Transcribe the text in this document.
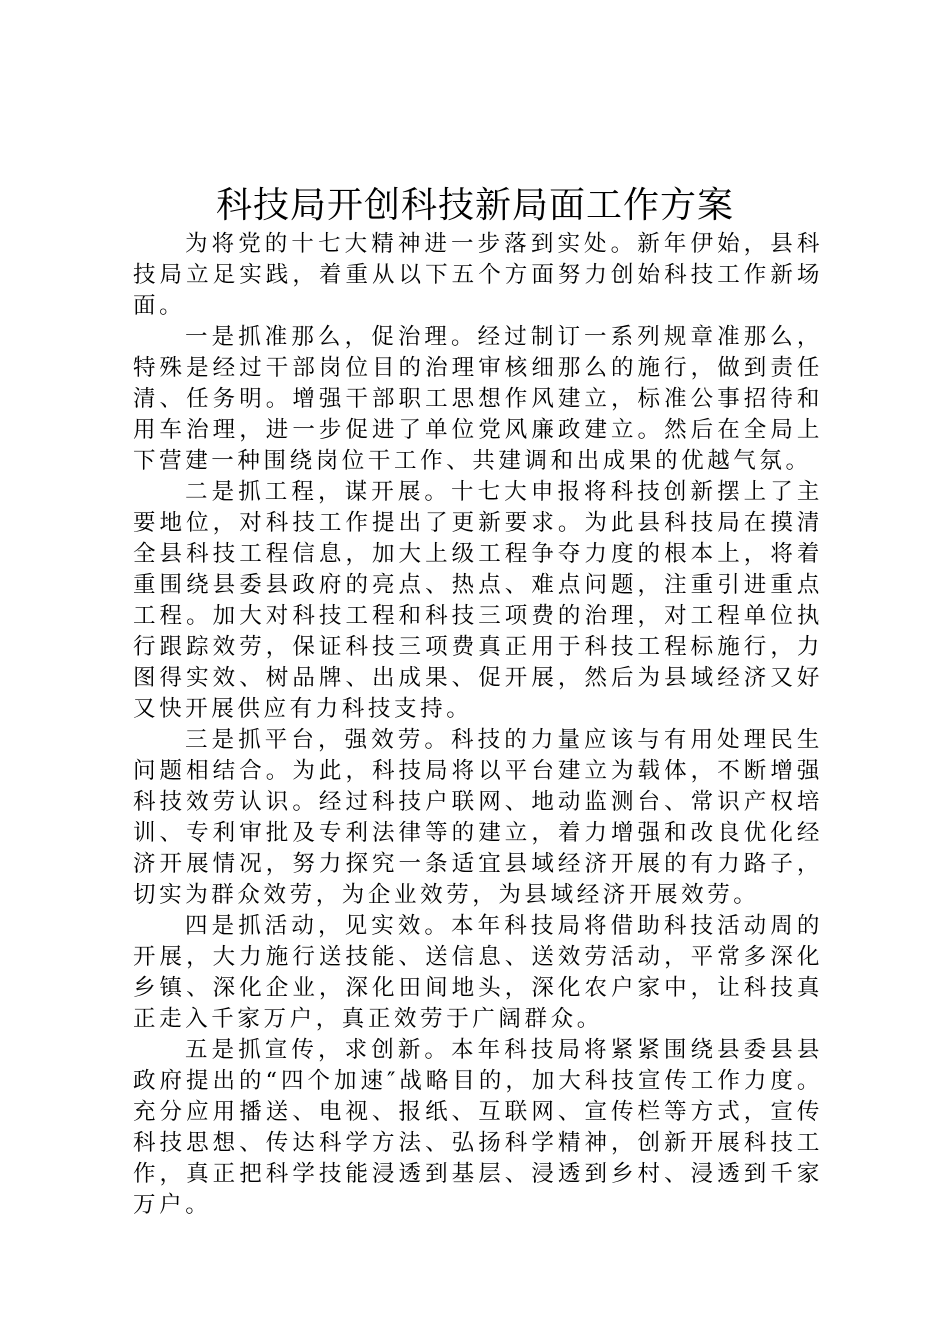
科技局开创科技新局面工作方案

为将党的十七大精神进一步落到实处。新年伊始，县科技局立足实践，着重从以下五个方面努力创始科技工作新场面。

一是抓准那么，促治理。经过制订一系列规章准那么，特殊是经过干部岗位目的治理审核细那么的施行，做到责任清、任务明。增强干部职工思想作风建立，标准公事招待和用车治理，进一步促进了单位党风廉政建立。然后在全局上下营建一种围绕岗位干工作、共建调和出成果的优越气氛。

二是抓工程，谋开展。十七大申报将科技创新摆上了主要地位，对科技工作提出了更新要求。为此县科技局在摸清全县科技工程信息，加大上级工程争夺力度的根本上，将着重围绕县委县政府的亮点、热点、难点问题，注重引进重点工程。加大对科技工程和科技三项费的治理，对工程单位执行跟踪效劳，保证科技三项费真正用于科技工程标施行，力图得实效、树品牌、出成果、促开展，然后为县域经济又好又快开展供应有力科技支持。

三是抓平台，强效劳。科技的力量应该与有用处理民生问题相结合。为此，科技局将以平台建立为载体，不断增强科技效劳认识。经过科技户联网、地动监测台、常识产权培训、专利审批及专利法律等的建立，着力增强和改良优化经济开展情况，努力探究一条适宜县域经济开展的有力路子，切实为群众效劳，为企业效劳，为县域经济开展效劳。

四是抓活动，见实效。本年科技局将借助科技活动周的开展，大力施行送技能、送信息、送效劳活动，平常多深化乡镇、深化企业，深化田间地头，深化农户家中，让科技真正走入千家万户，真正效劳于广阔群众。

五是抓宣传，求创新。本年科技局将紧紧围绕县委县县政府提出的“四个加速″战略目的，加大科技宣传工作力度。充分应用播送、电视、报纸、互联网、宣传栏等方式，宣传科技思想、传达科学方法、弘扬科学精神，创新开展科技工作，真正把科学技能浸透到基层、浸透到乡村、浸透到千家万户。
